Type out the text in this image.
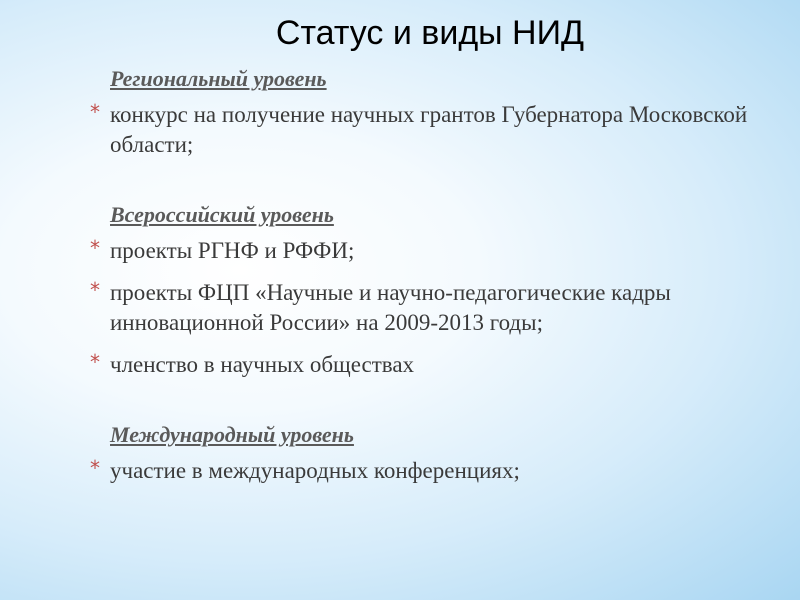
Статус и виды НИД
Региональный уровень
* конкурс на получение научных грантов Губернатора Московской области;
Всероссийский уровень
* проекты РГНФ и РФФИ;
* проекты ФЦП «Научные и научно-педагогические кадры инновационной России» на 2009-2013 годы;
* членство в научных обществах
Международный уровень
* участие в международных конференциях;
